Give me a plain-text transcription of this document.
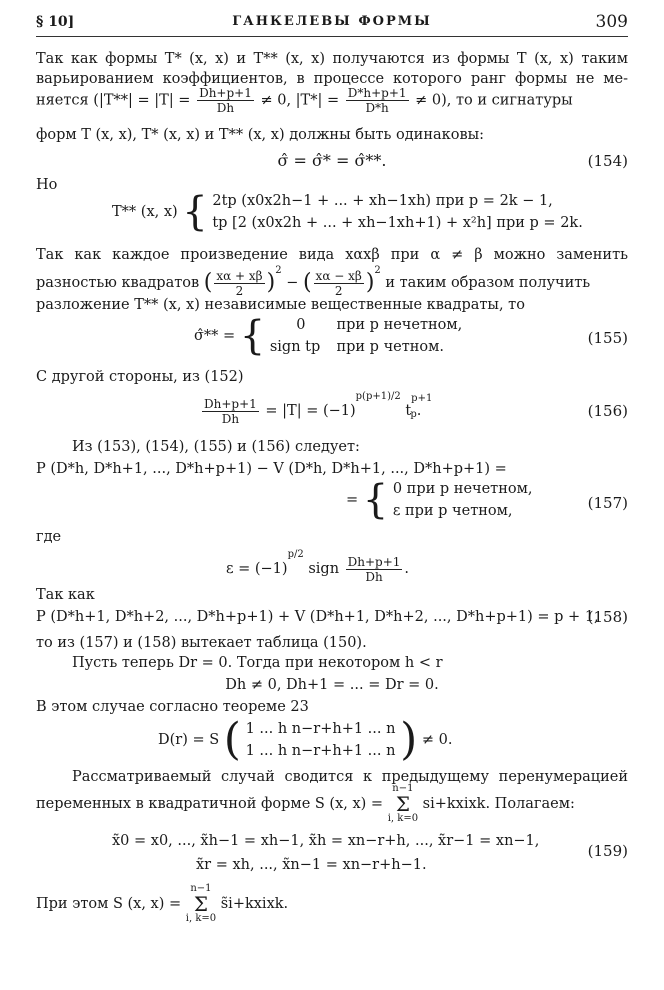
§ 10]	ГАНКЕЛЕВЫ ФОРМЫ	309
Так как формы T* (x, x) и T** (x, x) получаются из формы T (x, x) таким
варьированием коэффициентов, в процессе которого ранг формы не ме-
няется ($|T**| = |T| = \frac{Dh+p+1}{Dh} \ne 0$, $|T*| = \frac{D*h+p+1}{D*h} \ne 0$), то и сигнатуры
форм T (x, x), T* (x, x) и T** (x, x) должны быть одинаковы:
σ̂ = σ̂* = σ̂**.	(154)
Но
T** (x, x) { 2tp (x0x2h−1 + ... + xh−1xh) при p = 2k − 1,
tp [2 (x0x2h + ... + xh−1xh+1) + x²h] при p = 2k.
Так как каждое произведение вида xαxβ при α ≠ β можно заменить
разностью квадратов ( $\frac{x\alpha + x\beta}{2} )^2$ − ( $\frac{x\alpha - x\beta}{2} )^2$ и таким образом получить
разложение T** (x, x) независимые вещественные квадраты, то
σ̂** = {	0 при p нечетном,
sign tp при p четном.	(155)
С другой стороны, из (152)
$\frac{Dh+p+1}{Dh} = |T| = (-1)^{p(p+1)/2}$ $t^{p+1}_p$.	(156)
Из (153), (154), (155) и (156) следует:
P (D*h, D*h+1, ..., D*h+p+1) − V (D*h, D*h+1, ..., D*h+p+1) =
= { 0 при p нечетном,
ε при p четном,	(157)
где
$\varepsilon = (-1)^{p/2}$ sign $\frac{Dh+p+1}{Dh}$ .
Так как
P (D*h+1, D*h+2, ..., D*h+p+1) + V (D*h+1, D*h+2, ..., D*h+p+1) = p + 1,
(158)
то из (157) и (158) вытекает таблица (150).
Пусть теперь Dr = 0. Тогда при некотором h < r
Dh ≠ 0, Dh+1 = ... = Dr = 0.
В этом случае согласно теореме 23
D(r) = S ( 1 ... h n−r+h+1 ... n
1 ... h n−r+h+1 ... n ) ≠ 0.
Рассматриваемый случай сводится к предыдущему перенумерацией
переменных в квадратичной форме S (x, x) =
n−1
Σ
i, k=0
si+kxixk. Полагаем:
x̃0 = x0, ..., x̃h−1 = xh−1, x̃h = xn−r+h, ..., x̃r−1 = xn−1,
x̃r = xh, ..., x̃n−1 = xn−r+h−1.
(159)
При этом S (x, x) =
n−1
Σ
i, k=0
s̃i+kxixk.
